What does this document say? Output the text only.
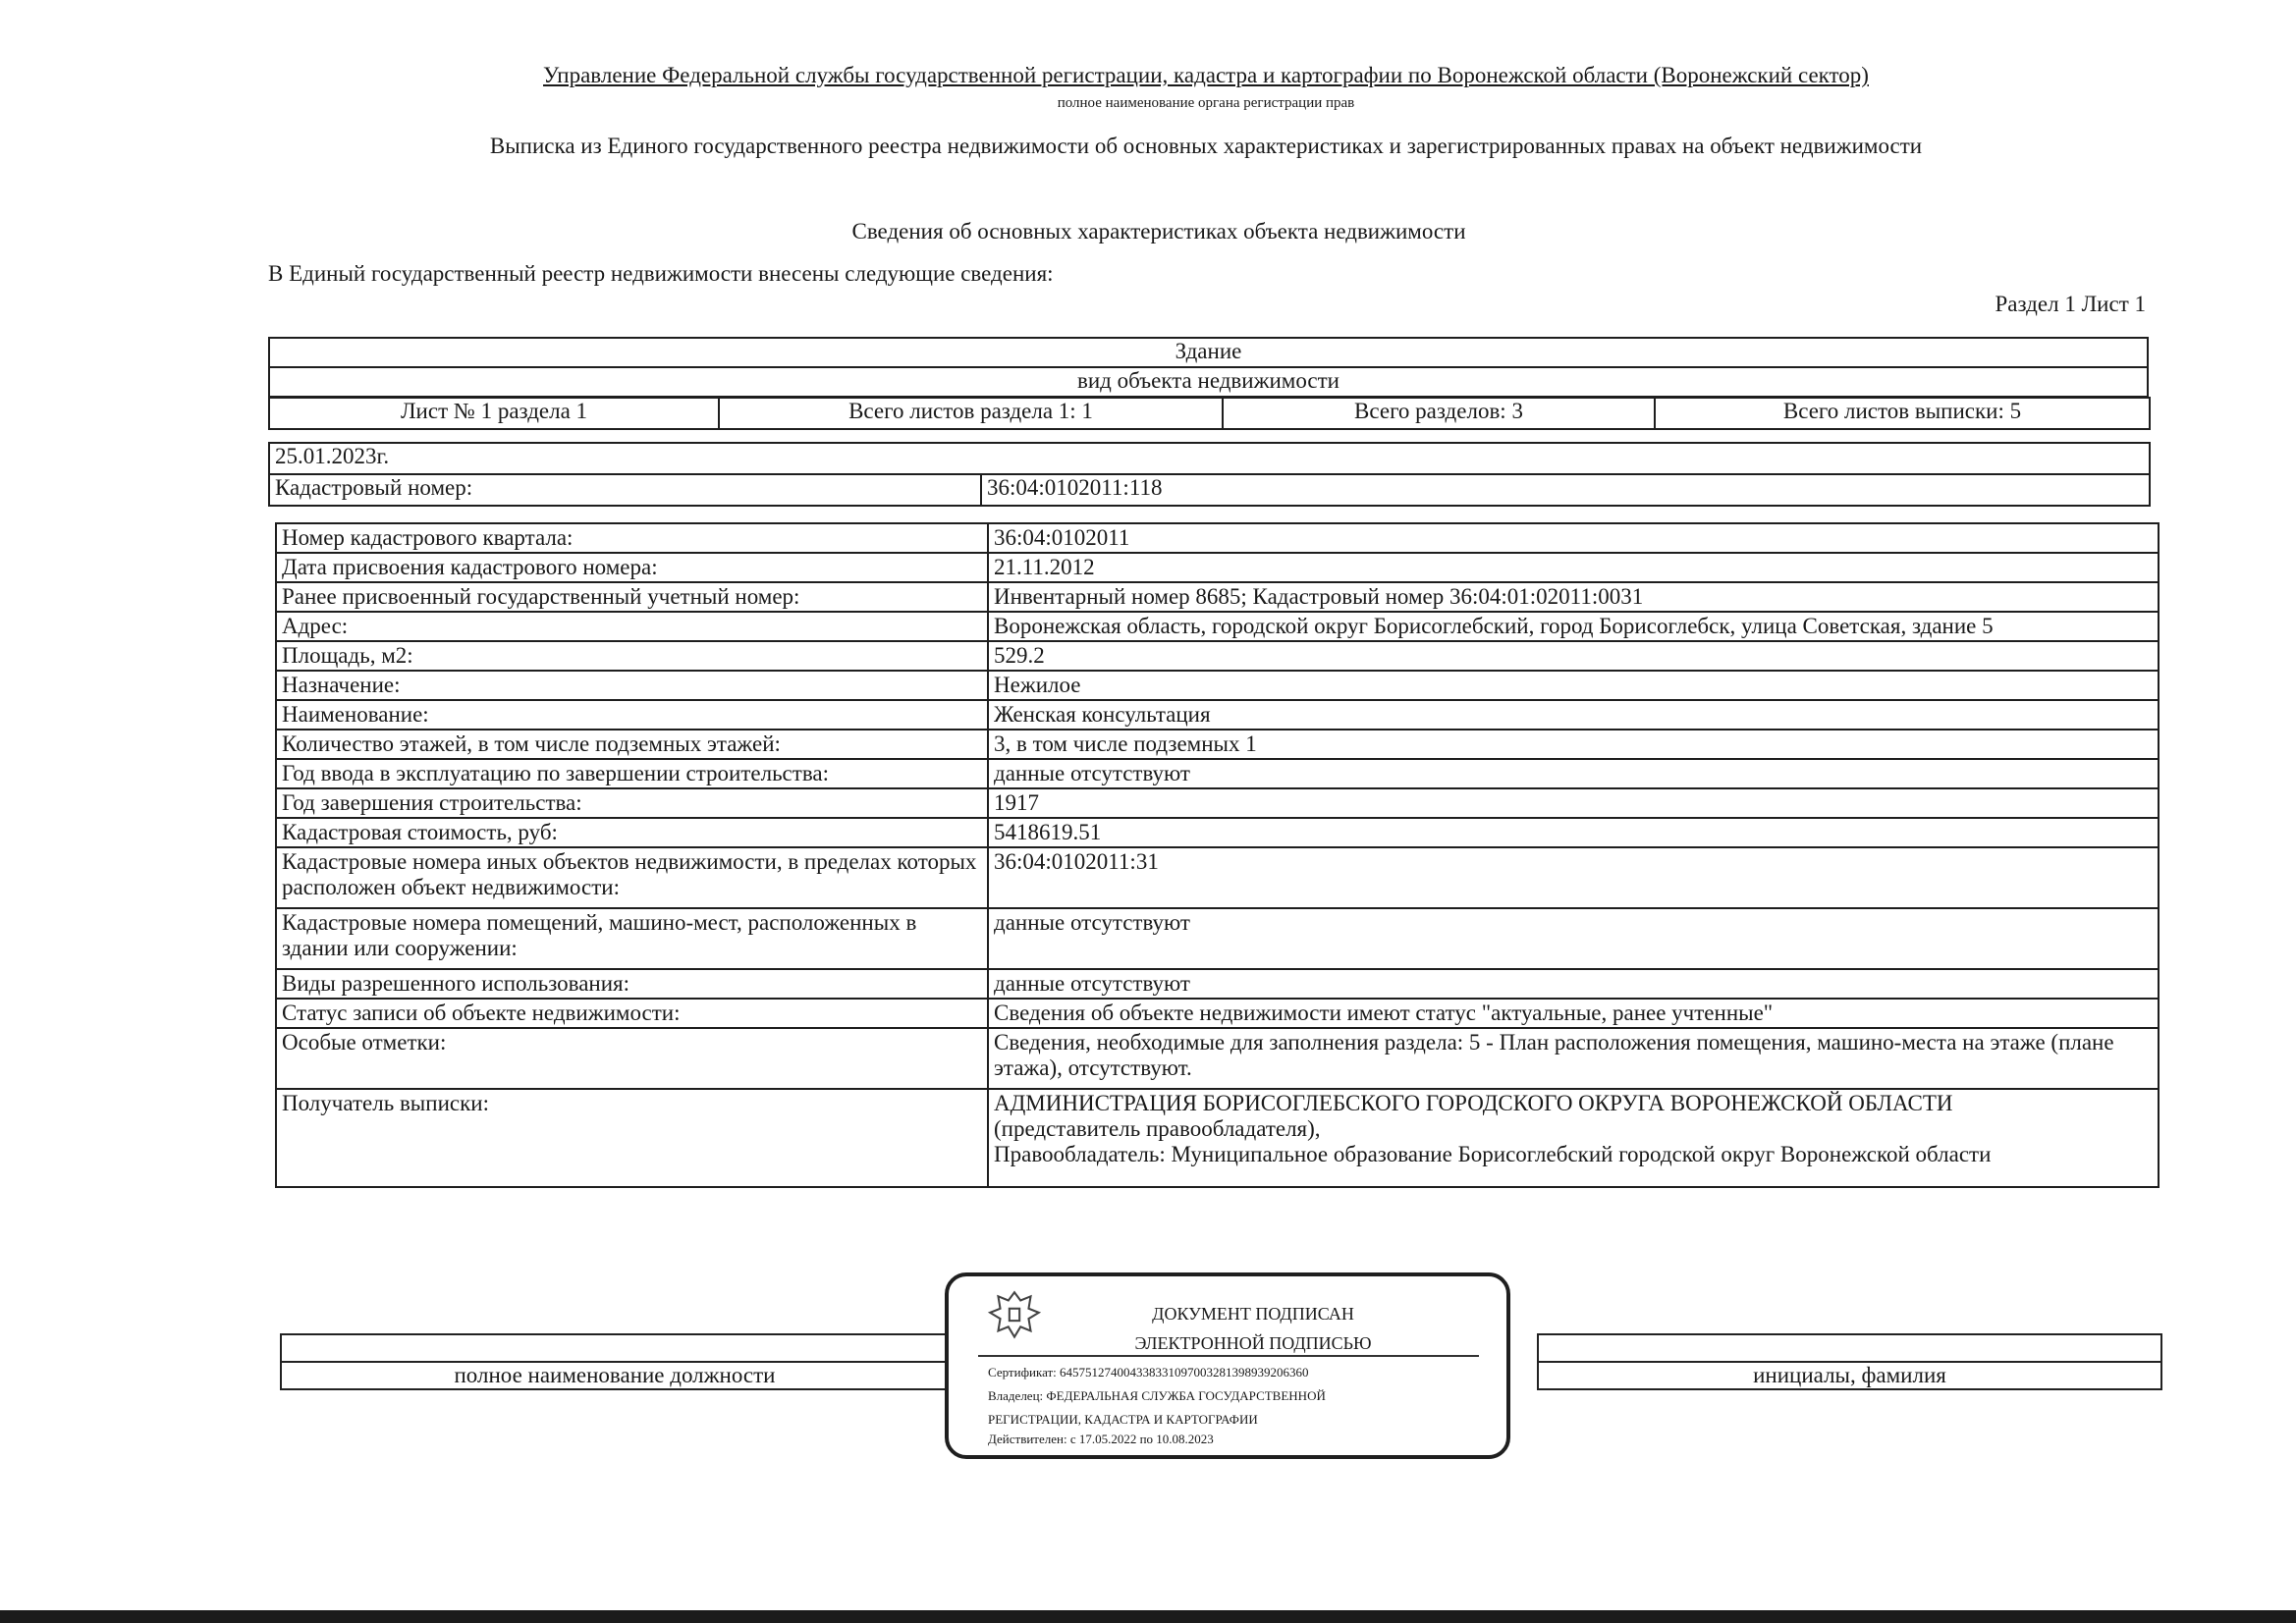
Управление Федеральной службы государственной регистрации, кадастра и картографии по Воронежской области (Воронежский сектор)
полное наименование органа регистрации прав
Выписка из Единого государственного реестра недвижимости об основных характеристиках и зарегистрированных правах на объект недвижимости
Сведения об основных характеристиках объекта недвижимости
В Единый государственный реестр недвижимости внесены следующие сведения:
Раздел 1 Лист 1
Здание
вид объекта недвижимости
Лист № 1 раздела 1	Всего листов раздела 1: 1	Всего разделов: 3	Всего листов выписки: 5
25.01.2023г.
Кадастровый номер:	36:04:0102011:118
Номер кадастрового квартала:	36:04:0102011
Дата присвоения кадастрового номера:	21.11.2012
Ранее присвоенный государственный учетный номер:	Инвентарный номер 8685; Кадастровый номер 36:04:01:02011:0031
Адрес:	Воронежская область, городской округ Борисоглебский, город Борисоглебск, улица Советская, здание 5
Площадь, м2:	529.2
Назначение:	Нежилое
Наименование:	Женская консультация
Количество этажей, в том числе подземных этажей:	3, в том числе подземных 1
Год ввода в эксплуатацию по завершении строительства:	данные отсутствуют
Год завершения строительства:	1917
Кадастровая стоимость, руб:	5418619.51
Кадастровые номера иных объектов недвижимости, в пределах которых расположен объект недвижимости:	36:04:0102011:31
Кадастровые номера помещений, машино-мест, расположенных в здании или сооружении:	данные отсутствуют
Виды разрешенного использования:	данные отсутствуют
Статус записи об объекте недвижимости:	Сведения об объекте недвижимости имеют статус "актуальные, ранее учтенные"
Особые отметки:	Сведения, необходимые для заполнения раздела: 5 - План расположения помещения, машино-места на этаже (плане этажа), отсутствуют.
Получатель выписки:	АДМИНИСТРАЦИЯ БОРИСОГЛЕБСКОГО ГОРОДСКОГО ОКРУГА ВОРОНЕЖСКОЙ ОБЛАСТИ
(представитель правообладателя),
Правообладатель: Муниципальное образование Борисоглебский городской округ Воронежской области

полное наименование должности		инициалы, фамилия
ДОКУМЕНТ ПОДПИСАН
ЭЛЕКТРОННОЙ ПОДПИСЬЮ
Сертификат: 645751274004338331097003281398939206360
Владелец: ФЕДЕРАЛЬНАЯ СЛУЖБА ГОСУДАРСТВЕННОЙ
РЕГИСТРАЦИИ, КАДАСТРА И КАРТОГРАФИИ
Действителен: с 17.05.2022 по 10.08.2023
